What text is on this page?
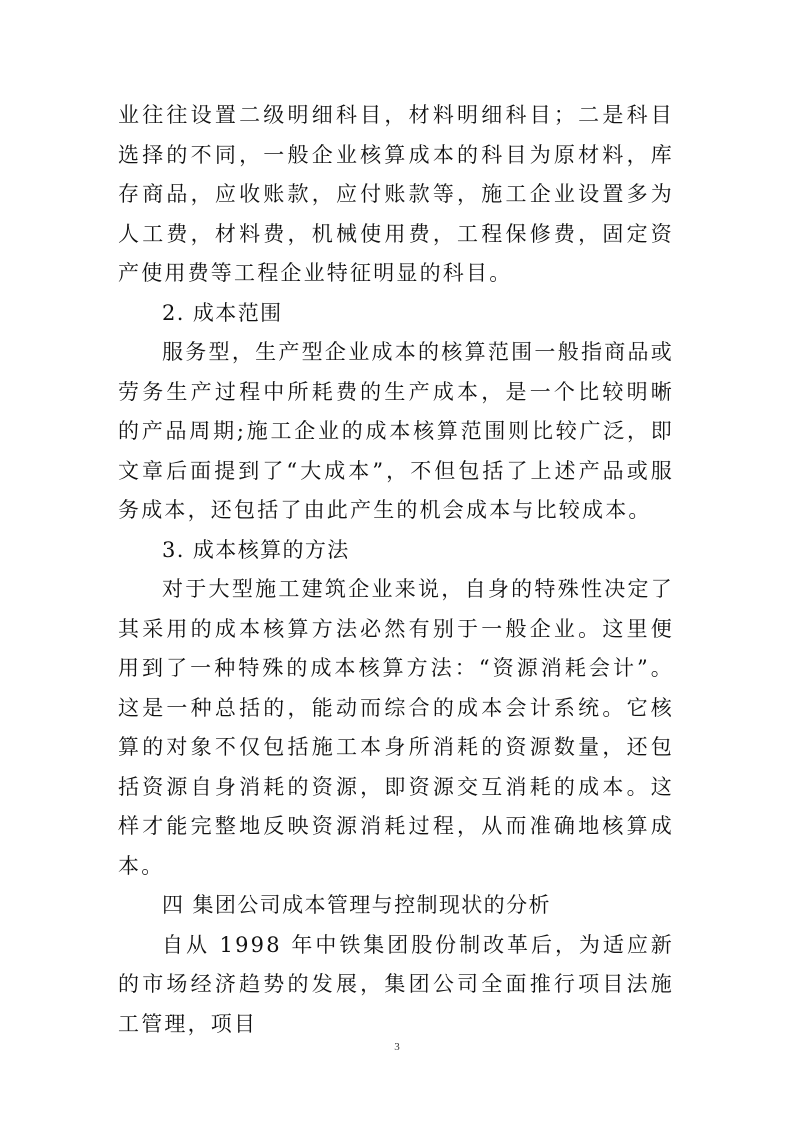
业往往设置二级明细科目，材料明细科目；二是科目选择的不同，一般企业核算成本的科目为原材料，库存商品，应收账款，应付账款等，施工企业设置多为人工费，材料费，机械使用费，工程保修费，固定资产使用费等工程企业特征明显的科目。

2. 成本范围

服务型，生产型企业成本的核算范围一般指商品或劳务生产过程中所耗费的生产成本，是一个比较明晰的产品周期;施工企业的成本核算范围则比较广泛，即文章后面提到了“大成本”，不但包括了上述产品或服务成本，还包括了由此产生的机会成本与比较成本。

3. 成本核算的方法

对于大型施工建筑企业来说，自身的特殊性决定了其采用的成本核算方法必然有别于一般企业。这里便用到了一种特殊的成本核算方法：“资源消耗会计”。这是一种总括的，能动而综合的成本会计系统。它核算的对象不仅包括施工本身所消耗的资源数量，还包括资源自身消耗的资源，即资源交互消耗的成本。这样才能完整地反映资源消耗过程，从而准确地核算成本。

四 集团公司成本管理与控制现状的分析

自从 1998 年中铁集团股份制改革后，为适应新的市场经济趋势的发展，集团公司全面推行项目法施工管理，项目

3
